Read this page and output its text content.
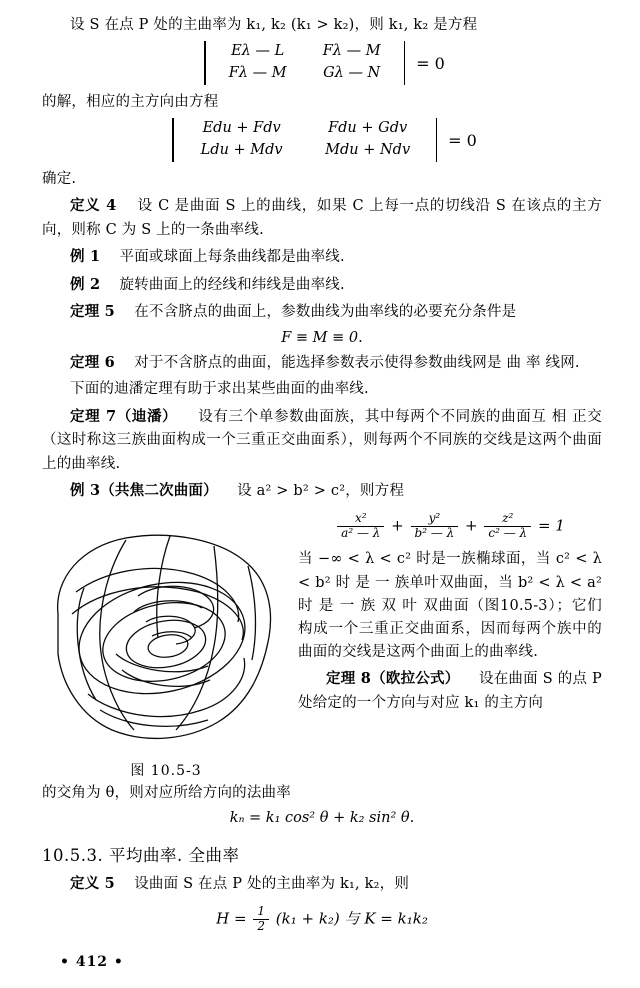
设 S 在点 P 处的主曲率为 k₁, k₂ (k₁ > k₂)，则 k₁, k₂ 是方程

Eλ — L	Fλ — M
Fλ — M	Gλ — N
= 0

的解，相应的主方向由方程

Edu + Fdv	Fdu + Gdv
Ldu + Mdv	Mdu + Ndv
= 0

确定.

定义 4 设 C 是曲面 S 上的曲线，如果 C 上每一点的切线沿 S 在该点的主方向，则称 C 为 S 上的一条曲率线.

例 1 平面或球面上每条曲线都是曲率线.

例 2 旋转曲面上的经线和纬线是曲率线.

定理 5 在不含脐点的曲面上，参数曲线为曲率线的必要充分条件是

F ≡ M ≡ 0.

定理 6 对于不含脐点的曲面，能选择参数表示使得参数曲线网是 曲 率 线网.

下面的迪潘定理有助于求出某些曲面的曲率线.

定理 7（迪潘） 设有三个单参数曲面族，其中每两个不同族的曲面互 相 正交（这时称这三族曲面构成一个三重正交曲面系），则每两个不同族的交线是这两个曲面上的曲率线.

例 3（共焦二次曲面） 设 a² > b² > c²，则方程

图 10.5-3
$\frac{\text{x²}}{\text{a² — λ}} + \frac{\text{y²}}{\text{b² — λ}} + \frac{\text{z²}}{\text{c² — λ}} = 1$

当 −∞ < λ < c² 时是一族椭球面，当 c² < λ < b² 时 是 一 族单叶双曲面，当 b² < λ < a² 时 是 一 族 双 叶 双曲面（图10.5-3）；它们构成一个三重正交曲面系，因而每两个族中的曲面的交线是这两个曲面上的曲率线.

定理 8（欧拉公式） 设在曲面 S 的点 P 处给定的一个方向与对应 k₁ 的主方向

的交角为 θ，则对应所给方向的法曲率

kₙ = k₁ cos² θ + k₂ sin² θ.
10.5.3. 平均曲率. 全曲率

定义 5 设曲面 S 在点 P 处的主曲率为 k₁, k₂，则

$H = \frac{1}{2} (k_1 + k_2)$ 与 K = k₁k₂
• 412 •
